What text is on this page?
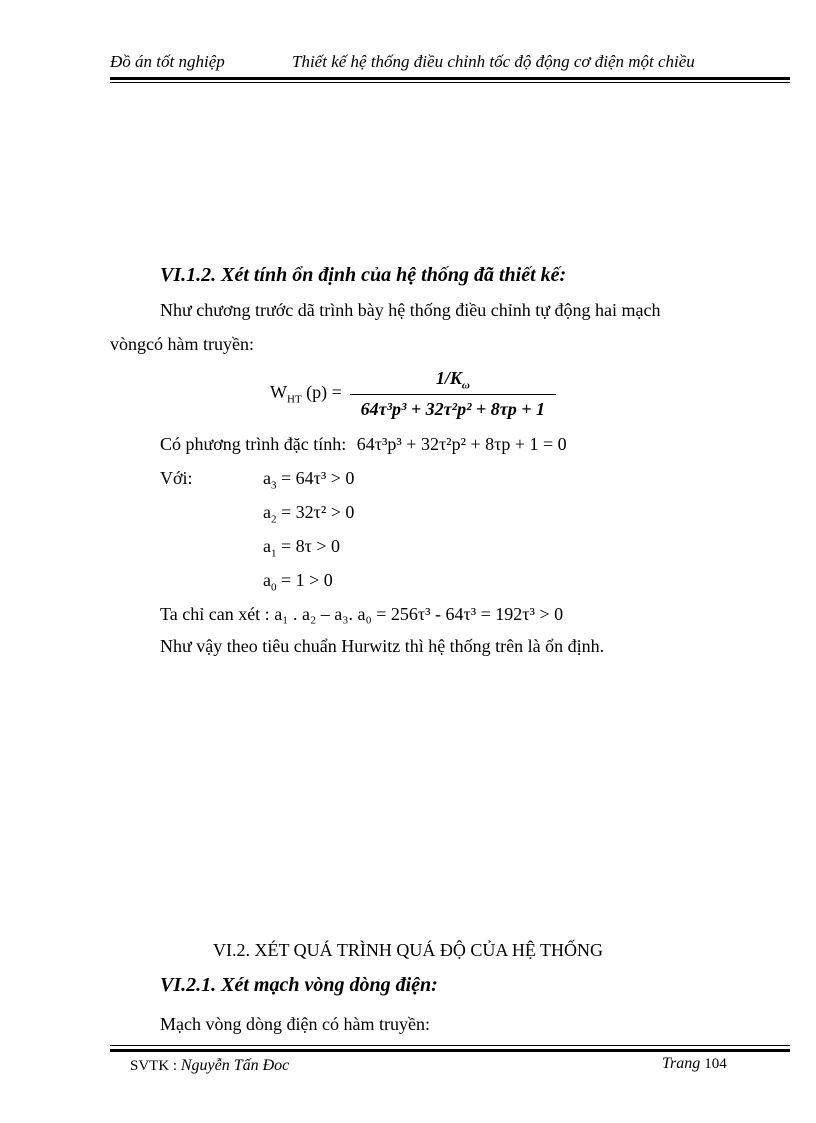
Đồ án tốt nghiệp	Thiết kế hệ thống điều chỉnh tốc độ động cơ điện một chiều
VI.1.2. Xét tính ổn định của hệ thống đã thiết kế:
Như chương trước dã trình bày hệ thống điều chỉnh tự động hai mạch
vòngcó hàm truyền:
$W_{HT}$ $(p) = \frac{1/K_\omega}{\text{64τ³p³ + 32τ²p² + 8τp + 1}}$
Có phương trình đặc tính: 64τ³p³ + 32τ²p² + 8τp + 1 = 0
Với:	$a_3 = 64\tau^3 > 0$
$a_2 = 32\tau^2 > 0$
$a_1 = 8\tau > 0$
$a_0 = 1 > 0$
Ta chỉ can xét : a₁ . a₂ – a₃. a₀ = 256τ³ - 64τ³ = 192τ³ > 0
Như vậy theo tiêu chuẩn Hurwitz thì hệ thống trên là ổn định.
VI.2. XÉT QUÁ TRÌNH QUÁ ĐỘ CỦA HỆ THỐNG
VI.2.1. Xét mạch vòng dòng điện:
Mạch vòng dòng điện có hàm truyền:
SVTK : Nguyễn Tấn Đoc	Trang 104
